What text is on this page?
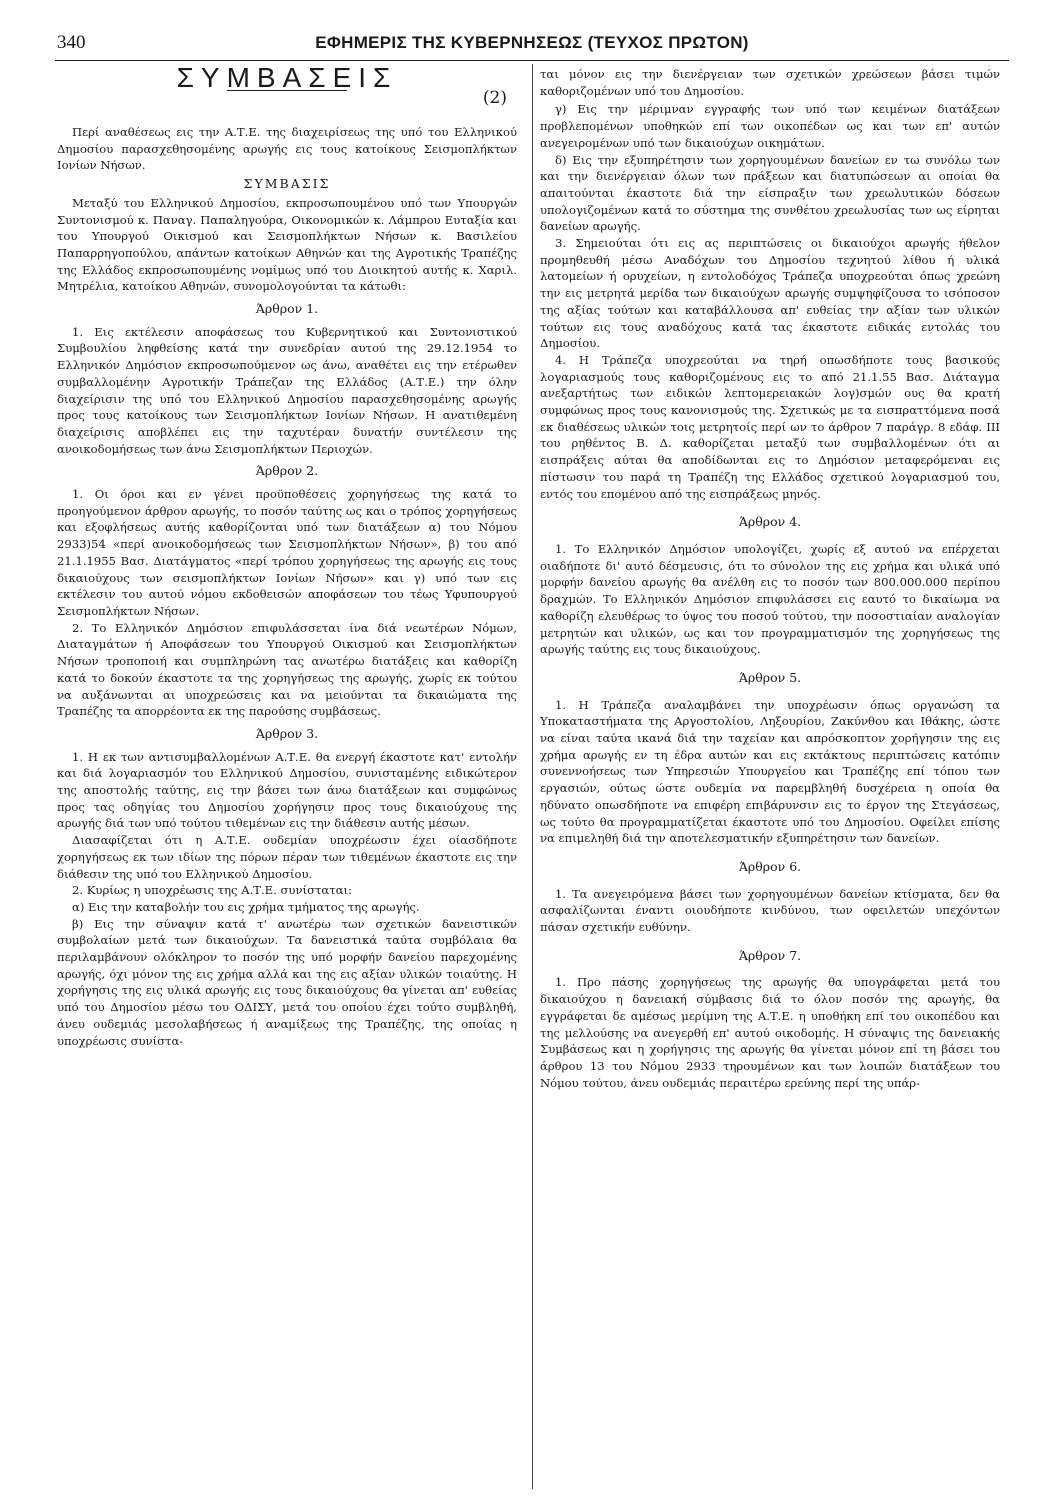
340	ΕΦΗΜΕΡΙΣ ΤΗΣ ΚΥΒΕΡΝΗΣΕΩΣ (ΤΕΥΧΟΣ ΠΡΩΤΟΝ)
ΣΥΜΒΑΣΕΙΣ
(2)

Περί αναθέσεως εις την Α.Τ.Ε. της διαχειρίσεως της υπό του Ελληνικού Δημοσίου παρασχεθησομένης αρωγής εις τους κατοίκους Σεισμοπλήκτων Ιονίων Νήσων.

ΣΥΜΒΑΣΙΣ

Μεταξύ του Ελληνικού Δημοσίου, εκπροσωπουμένου υπό των Υπουργών Συντονισμού κ. Παναγ. Παπαληγούρα, Οικονομικών κ. Λάμπρου Ευταξία και του Υπουργού Οικισμού και Σεισμοπλήκτων Νήσων κ. Βασιλείου Παπαρρηγοπούλου, απάντων κατοίκων Αθηνών και της Αγροτικής Τραπέζης της Ελλάδος εκπροσωπουμένης νομίμως υπό του Διοικητού αυτής κ. Χαριλ. Μητρέλια, κατοίκου Αθηνών, συνομολογούνται τα κάτωθι:

Άρθρον 1.

1. Εις εκτέλεσιν αποφάσεως του Κυβερνητικού και Συντονιστικού Συμβουλίου ληφθείσης κατά την συνεδρίαν αυτού της 29.12.1954 το Ελληνικόν Δημόσιον εκπροσωπούμενον ως άνω, αναθέτει εις την ετέρωθεν συμβαλλομένην Αγροτικήν Τράπεζαν της Ελλάδος (Α.Τ.Ε.) την όλην διαχείρισιν της υπό του Ελληνικού Δημοσίου παρασχεθησομένης αρωγής προς τους κατοίκους των Σεισμοπλήκτων Ιονίων Νήσων. Η ανατιθεμένη διαχείρισις αποβλέπει εις την ταχυτέραν δυνατήν συντέλεσιν της ανοικοδομήσεως των άνω Σεισμοπλήκτων Περιοχών.

Άρθρον 2.

1. Οι όροι και εν γένει προϋποθέσεις χορηγήσεως της κατά το προηγούμενον άρθρον αρωγής, το ποσόν ταύτης ως και ο τρόπος χορηγήσεως και εξοφλήσεως αυτής καθορίζονται υπό των διατάξεων α) του Νόμου 2933)54 «περί ανοικοδομήσεως των Σεισμοπλήκτων Νήσων», β) του από 21.1.1955 Βασ. Διατάγματος «περί τρόπου χορηγήσεως της αρωγής εις τους δικαιούχους των σεισμοπλήκτων Ιονίων Νήσων» και γ) υπό των εις εκτέλεσιν του αυτού νόμου εκδοθεισών αποφάσεων του τέως Υφυπουργού Σεισμοπλήκτων Νήσων.

2. Το Ελληνικόν Δημόσιον επιφυλάσσεται ίνα διά νεωτέρων Νόμων, Διαταγμάτων ή Αποφάσεων του Υπουργού Οικισμού και Σεισμοπλήκτων Νήσων τροποποιή και συμπληρώνη τας ανωτέρω διατάξεις και καθορίζη κατά το δοκούν έκαστοτε τα της χορηγήσεως της αρωγής, χωρίς εκ τούτου να αυξάνωνται αι υποχρεώσεις και να μειούνται τα δικαιώματα της Τραπέζης τα απορρέοντα εκ της παρούσης συμβάσεως.

Άρθρον 3.

1. Η εκ των αντισυμβαλλομένων Α.Τ.Ε. θα ενεργή έκαστοτε κατ' εντολήν και διά λογαριασμόν του Ελληνικού Δημοσίου, συνισταμένης ειδικώτερον της αποστολής ταύτης, εις την βάσει των άνω διατάξεων και συμφώνως προς τας οδηγίας του Δημοσίου χορήγησιν προς τους δικαιούχους της αρωγής διά των υπό τούτου τιθεμένων εις την διάθεσιν αυτής μέσων.

Διασαφίζεται ότι η Α.Τ.Ε. ουδεμίαν υποχρέωσιν έχει οίασδήποτε χορηγήσεως εκ των ιδίων της πόρων πέραν των τιθεμένων έκαστοτε εις την διάθεσιν της υπό του Ελληνικού Δημοσίου.

2. Κυρίως η υποχρέωσις της Α.Τ.Ε. συνίσταται:

α) Εις την καταβολήν του εις χρήμα τμήματος της αρωγής.

β) Εις την σύναψιν κατά τ' ανωτέρω των σχετικών δανειστικών συμβολαίων μετά των δικαιούχων. Τα δανειστικά ταύτα συμβόλαια θα περιλαμβάνουν ολόκληρον το ποσόν της υπό μορφήν δανείου παρεχομένης αρωγής, όχι μόνον της εις χρήμα αλλά και της εις αξίαν υλικών τοιαύτης. Η χορήγησις της εις υλικά αρωγής εις τους δικαιούχους θα γίνεται απ' ευθείας υπό του Δημοσίου μέσω του ΟΔΙΣΥ, μετά του οποίου έχει τούτο συμβληθή, άνευ ουδεμιάς μεσολαβήσεως ή αναμίξεως της Τραπέζης, της οποίας η υποχρέωσις συνίστα-

ται μόνον εις την διενέργειαν των σχετικών χρεώσεων βάσει τιμών καθοριζομένων υπό του Δημοσίου.

γ) Εις την μέριμναν εγγραφής των υπό των κειμένων διατάξεων προβλεπομένων υποθηκών επί των οικοπέδων ως και των επ' αυτών ανεγειρομένων υπό των δικαιούχων οικημάτων.

δ) Εις την εξυπηρέτησιν των χορηγουμένων δανείων εν τω συνόλω των και την διενέργειαν όλων των πράξεων και διατυπώσεων αι οποίαι θα απαιτούνται έκαστοτε διά την είσπραξιν των χρεωλυτικών δόσεων υπολογιζομένων κατά το σύστημα της συνθέτου χρεωλυσίας των ως είρηται δανείων αρωγής.

3. Σημειούται ότι εις ας περιπτώσεις οι δικαιούχοι αρωγής ήθελον προμηθευθή μέσω Αναδόχων του Δημοσίου τεχνητού λίθου ή υλικά λατομείων ή ορυχείων, η εντολοδόχος Τράπεζα υποχρεούται όπως χρεώνη την εις μετρητά μερίδα των δικαιούχων αρωγής συμψηφίζουσα το ισόποσον της αξίας τούτων και καταβάλλουσα απ' ευθείας την αξίαν των υλικών τούτων εις τους αναδόχους κατά τας έκαστοτε ειδικάς εντολάς του Δημοσίου.

4. Η Τράπεζα υποχρεούται να τηρή οπωσδήποτε τους βασικούς λογαριασμούς τους καθοριζομένους εις το από 21.1.55 Βασ. Διάταγμα ανεξαρτήτως των ειδικών λεπτομερειακών λογ)σμών ους θα κρατή συμφώνως προς τους κανονισμούς της. Σχετικώς με τα εισπραττόμενα ποσά εκ διαθέσεως υλικών τοις μετρητοίς περί ων το άρθρον 7 παράγρ. 8 εδάφ. ΙΙΙ του ρηθέντος Β. Δ. καθορίζεται μεταξύ των συμβαλλομένων ότι αι εισπράξεις αύται θα αποδίδωνται εις το Δημόσιον μεταφερόμεναι εις πίστωσιν του παρά τη Τραπέζη της Ελλάδος σχετικού λογαριασμού του, εντός του επομένου από της εισπράξεως μηνός.

Άρθρον 4.

1. Το Ελληνικόν Δημόσιον υπολογίζει, χωρίς εξ αυτού να επέρχεται οιαδήποτε δι' αυτό δέσμευσις, ότι το σύνολον της εις χρήμα και υλικά υπό μορφήν δανείου αρωγής θα ανέλθη εις το ποσόν των 800.000.000 περίπου δραχμών. Το Ελληνικόν Δημόσιον επιφυλάσσει εις εαυτό το δικαίωμα να καθορίζη ελευθέρως το ύψος του ποσού τούτου, την ποσοστιαίαν αναλογίαν μετρητών και υλικών, ως και τον προγραμματισμόν της χορηγήσεως της αρωγής ταύτης εις τους δικαιούχους.

Άρθρον 5.

1. Η Τράπεζα αναλαμβάνει την υποχρέωσιν όπως οργανώση τα Υποκαταστήματα της Αργοστολίου, Ληξουρίου, Ζακύνθου και Ιθάκης, ώστε να είναι ταύτα ικανά διά την ταχείαν και απρόσκοπτον χορήγησιν της εις χρήμα αρωγής εν τη έδρα αυτών και εις εκτάκτους περιπτώσεις κατόπιν συνεννοήσεως των Υπηρεσιών Υπουργείου και Τραπέζης επί τόπου των εργασιών, ούτως ώστε ουδεμία να παρεμβληθή δυσχέρεια η οποία θα ηδύνατο οπωσδήποτε να επιφέρη επιβάρυνσιν εις το έργον της Στεγάσεως, ως τούτο θα προγραμματίζεται έκαστοτε υπό του Δημοσίου. Οφείλει επίσης να επιμεληθή διά την αποτελεσματικήν εξυπηρέτησιν των δανείων.

Άρθρον 6.

1. Τα ανεγειρόμενα βάσει των χορηγουμένων δανείων κτίσματα, δεν θα ασφαλίζωνται έναντι οιουδήποτε κινδύνου, των οφειλετών υπεχόντων πάσαν σχετικήν ευθύνην.

Άρθρον 7.

1. Προ πάσης χορηγήσεως της αρωγής θα υπογράφεται μετά του δικαιούχου η δανειακή σύμβασις διά το όλον ποσόν της αρωγής, θα εγγράφεται δε αμέσως μερίμνη της Α.Τ.Ε. η υποθήκη επί του οικοπέδου και της μελλούσης να ανεγερθή επ' αυτού οικοδομής. Η σύναψις της δανειακής Συμβάσεως και η χορήγησις της αρωγής θα γίνεται μόνον επί τη βάσει του άρθρου 13 του Νόμου 2933 τηρουμένων και των λοιπών διατάξεων του Νόμου τούτου, άνευ ουδεμιάς περαιτέρω ερεύνης περί της υπάρ-
